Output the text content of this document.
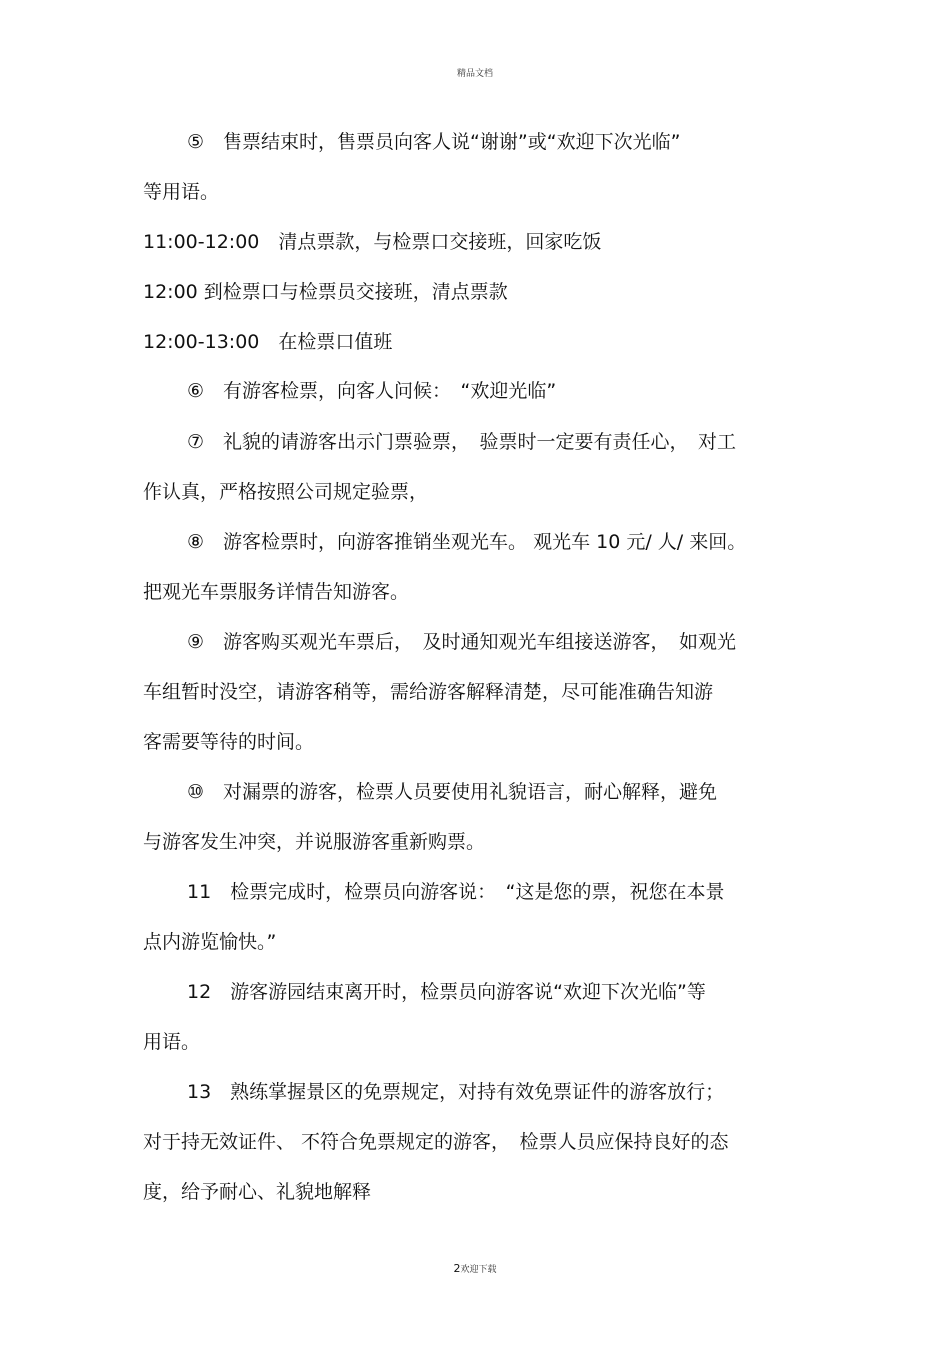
精品文档
⑤　售票结束时，售票员向客人说“谢谢”或“欢迎下次光临”
等用语。
11:00-12:00　清点票款，与检票口交接班，回家吃饭
12:00 到检票口与检票员交接班，清点票款
12:00-13:00　在检票口值班
⑥　有游客检票，向客人问候：　“欢迎光临”
⑦　礼貌的请游客出示门票验票，　验票时一定要有责任心，　对工
作认真，严格按照公司规定验票，
⑧　游客检票时，向游客推销坐观光车。 观光车 10 元/ 人/ 来回。
把观光车票服务详情告知游客。
⑨　游客购买观光车票后，　及时通知观光车组接送游客，　如观光
车组暂时没空，请游客稍等，需给游客解释清楚，尽可能准确告知游
客需要等待的时间。
⑩　对漏票的游客，检票人员要使用礼貌语言，耐心解释，避免
与游客发生冲突，并说服游客重新购票。
11　检票完成时，检票员向游客说：　“这是您的票，祝您在本景
点内游览愉快。”
12　游客游园结束离开时，检票员向游客说“欢迎下次光临”等
用语。
13　熟练掌握景区的免票规定，对持有效免票证件的游客放行；
对于持无效证件、 不符合免票规定的游客，　检票人员应保持良好的态
度，给予耐心、礼貌地解释
2欢迎下载
